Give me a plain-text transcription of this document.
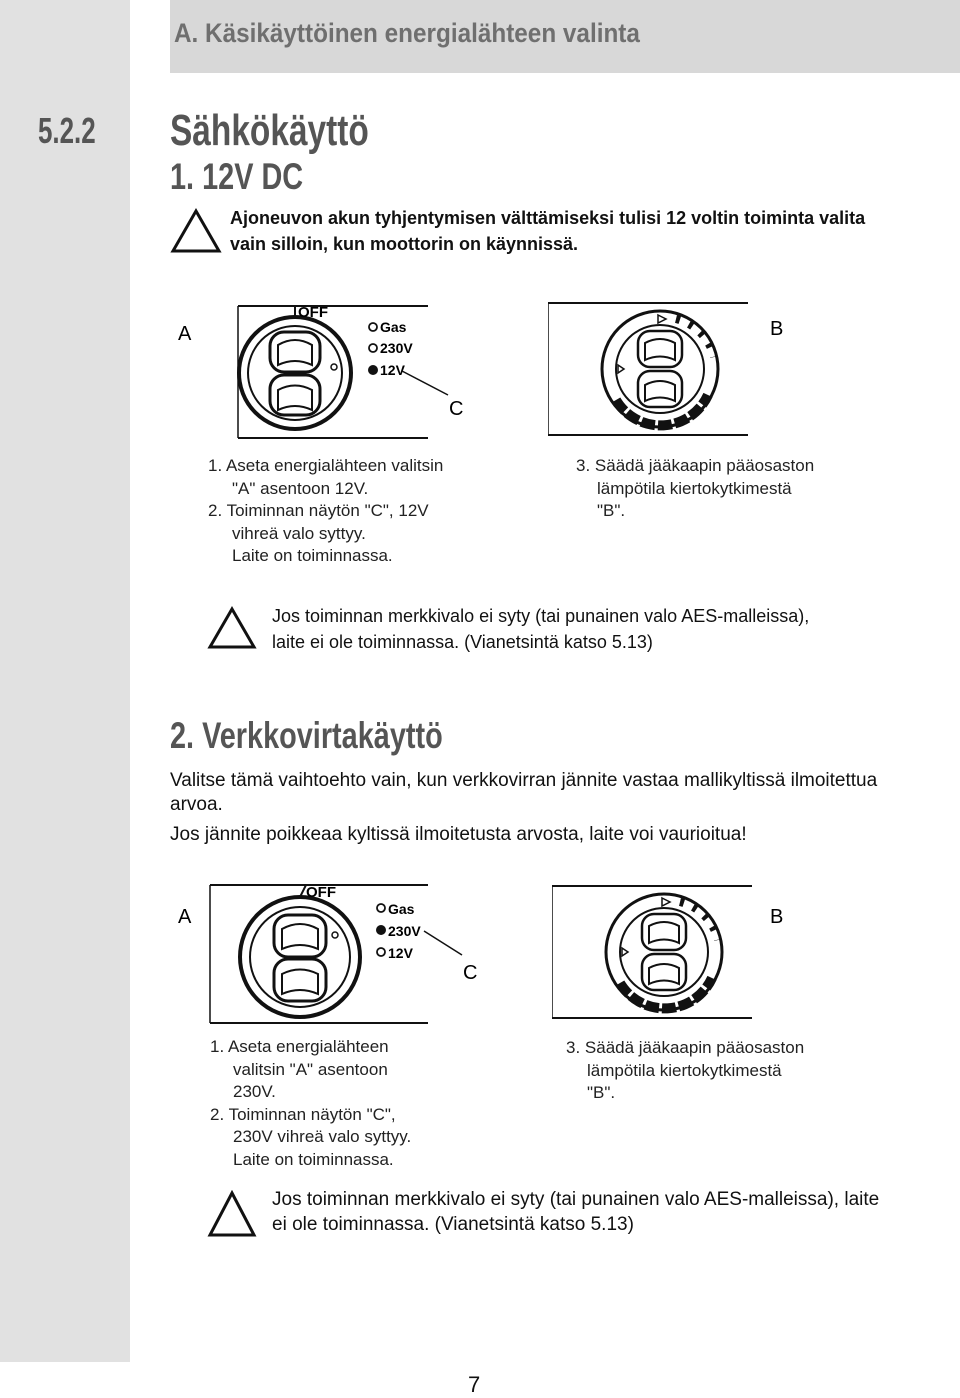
A. Käsikäyttöinen energialähteen valinta
5.2.2 Sähkökäyttö
1. 12V DC
Ajoneuvon akun tyhjentymisen välttämiseksi tulisi 12 voltin toiminta valita
vain silloin, kun moottorin on käynnissä.
A
OFF
Gas
230V
12V
C
B
1. Aseta energialähteen valitsin
"A" asentoon 12V.
2. Toiminnan näytön "C", 12V
vihreä valo syttyy.
Laite on toiminnassa.
3. Säädä jääkaapin pääosaston
lämpötila kiertokytkimestä
"B".
Jos toiminnan merkkivalo ei syty (tai punainen valo AES-malleissa),
laite ei ole toiminnassa. (Vianetsintä katso 5.13)
2. Verkkovirtakäyttö
Valitse tämä vaihtoehto vain, kun verkkovirran jännite vastaa mallikyltissä ilmoitettua
arvoa.
Jos jännite poikkeaa kyltissä ilmoitetusta arvosta, laite voi vaurioitua!
A
OFF
Gas
230V
12V
C
B
1. Aseta energialähteen
valitsin "A" asentoon
230V.
2. Toiminnan näytön "C",
230V vihreä valo syttyy.
Laite on toiminnassa.
3. Säädä jääkaapin pääosaston
lämpötila kiertokytkimestä
"B".
Jos toiminnan merkkivalo ei syty (tai punainen valo AES-malleissa), laite
ei ole toiminnassa. (Vianetsintä katso 5.13)
7
